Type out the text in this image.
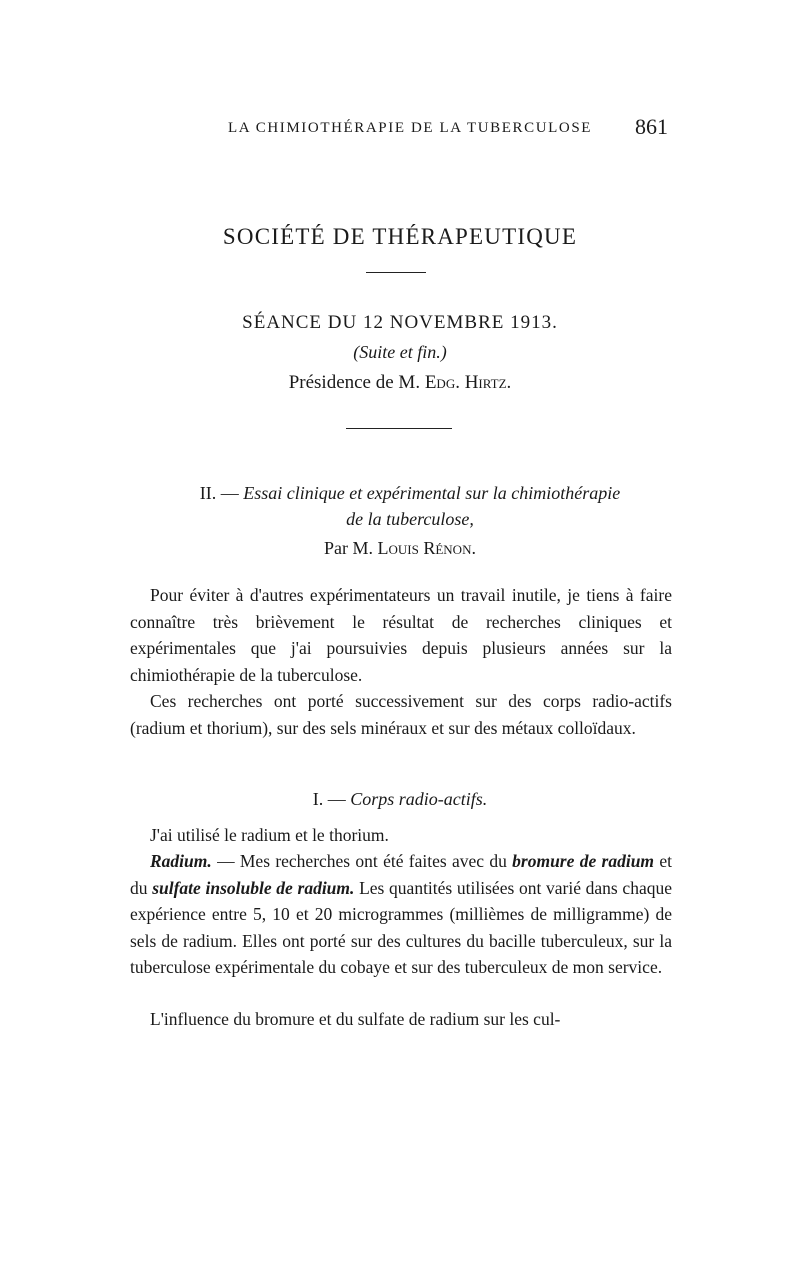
LA CHIMIOTHÉRAPIE DE LA TUBERCULOSE 861
SOCIÉTÉ DE THÉRAPEUTIQUE
SÉANCE DU 12 NOVEMBRE 1913.
(Suite et fin.)
Présidence de M. Edg. Hirtz.
II. — Essai clinique et expérimental sur la chimiothérapie
de la tuberculose,
Par M. Louis Rénon.

Pour éviter à d'autres expérimentateurs un travail inutile, je tiens à faire connaître très brièvement le résultat de recherches cliniques et expérimentales que j'ai poursuivies depuis plusieurs années sur la chimiothérapie de la tuberculose.

Ces recherches ont porté successivement sur des corps radio-actifs (radium et thorium), sur des sels minéraux et sur des métaux colloïdaux.

I. — Corps radio-actifs.

J'ai utilisé le radium et le thorium.

Radium. — Mes recherches ont été faites avec du bromure de radium et du sulfate insoluble de radium. Les quantités utilisées ont varié dans chaque expérience entre 5, 10 et 20 microgrammes (millièmes de milligramme) de sels de radium. Elles ont porté sur des cultures du bacille tuberculeux, sur la tuberculose expérimentale du cobaye et sur des tuberculeux de mon service.

L'influence du bromure et du sulfate de radium sur les cul-
